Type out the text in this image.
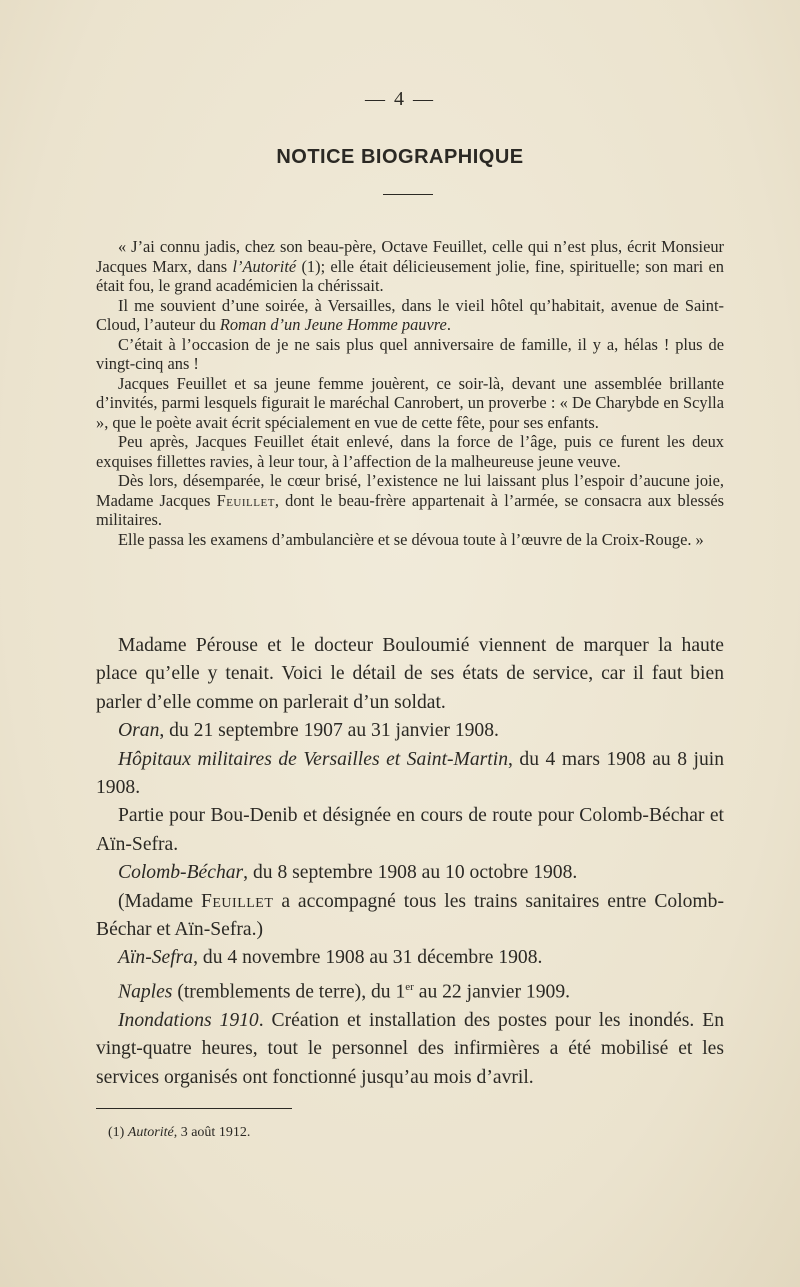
— 4 —
NOTICE BIOGRAPHIQUE

« J’ai connu jadis, chez son beau-père, Octave Feuillet, celle qui n’est plus, écrit Monsieur Jacques Marx, dans l’Autorité (1); elle était délicieusement jolie, fine, spirituelle; son mari en était fou, le grand académicien la chérissait.

Il me souvient d’une soirée, à Versailles, dans le vieil hôtel qu’habitait, avenue de Saint-Cloud, l’auteur du Roman d’un Jeune Homme pauvre.

C’était à l’occasion de je ne sais plus quel anniversaire de famille, il y a, hélas ! plus de vingt-cinq ans !

Jacques Feuillet et sa jeune femme jouèrent, ce soir-là, devant une assemblée brillante d’invités, parmi lesquels figurait le maréchal Canrobert, un proverbe : « De Charybde en Scylla », que le poète avait écrit spécialement en vue de cette fête, pour ses enfants.

Peu après, Jacques Feuillet était enlevé, dans la force de l’âge, puis ce furent les deux exquises fillettes ravies, à leur tour, à l’affection de la malheureuse jeune veuve.

Dès lors, désemparée, le cœur brisé, l’existence ne lui laissant plus l’espoir d’aucune joie, Madame Jacques Feuillet, dont le beau-frère appartenait à l’armée, se consacra aux blessés militaires.

Elle passa les examens d’ambulancière et se dévoua toute à l’œuvre de la Croix-Rouge. »

Madame Pérouse et le docteur Bouloumié viennent de marquer la haute place qu’elle y tenait. Voici le détail de ses états de service, car il faut bien parler d’elle comme on parlerait d’un soldat.

Oran, du 21 septembre 1907 au 31 janvier 1908.

Hôpitaux militaires de Versailles et Saint-Martin, du 4 mars 1908 au 8 juin 1908.

Partie pour Bou-Denib et désignée en cours de route pour Colomb-Béchar et Aïn-Sefra.

Colomb-Béchar, du 8 septembre 1908 au 10 octobre 1908.

(Madame Feuillet a accompagné tous les trains sanitaires entre Colomb-Béchar et Aïn-Sefra.)

Aïn-Sefra, du 4 novembre 1908 au 31 décembre 1908.

Naples (tremblements de terre), du 1er au 22 janvier 1909.

Inondations 1910. Création et installation des postes pour les inondés. En vingt-quatre heures, tout le personnel des infirmières a été mobilisé et les services organisés ont fonctionné jusqu’au mois d’avril.

(1) Autorité, 3 août 1912.
